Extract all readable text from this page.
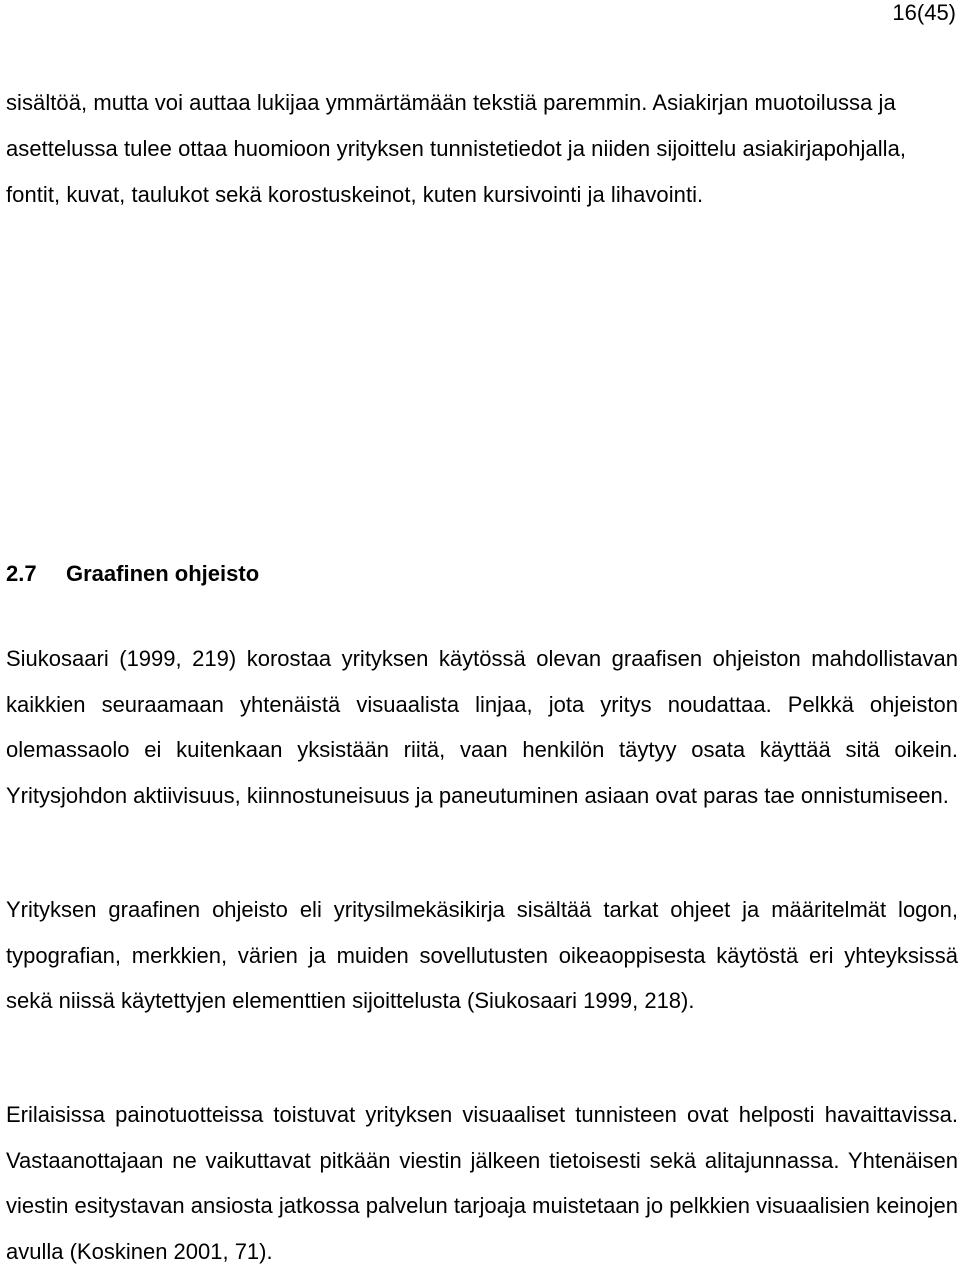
16(45)

sisältöä, mutta voi auttaa lukijaa ymmärtämään tekstiä paremmin. Asiakirjan muotoilussa ja asettelussa tulee ottaa huomioon yrityksen tunnistetiedot ja niiden sijoittelu asiakirjapohjalla, fontit, kuvat, taulukot sekä korostuskeinot, kuten kursivointi ja lihavointi.

2.7 Graafinen ohjeisto

Siukosaari (1999, 219) korostaa yrityksen käytössä olevan graafisen ohjeiston mahdollistavan kaikkien seuraamaan yhtenäistä visuaalista linjaa, jota yritys noudattaa. Pelkkä ohjeiston olemassaolo ei kuitenkaan yksistään riitä, vaan henkilön täytyy osata käyttää sitä oikein. Yritysjohdon aktiivisuus, kiinnostuneisuus ja paneutuminen asiaan ovat paras tae onnistumiseen.

Yrityksen graafinen ohjeisto eli yritysilmekäsikirja sisältää tarkat ohjeet ja määritelmät logon, typografian, merkkien, värien ja muiden sovellutusten oikeaoppisesta käytöstä eri yhteyksissä sekä niissä käytettyjen elementtien sijoittelusta (Siukosaari 1999, 218).

Erilaisissa painotuotteissa toistuvat yrityksen visuaaliset tunnisteen ovat helposti havaittavissa. Vastaanottajaan ne vaikuttavat pitkään viestin jälkeen tietoisesti sekä alitajunnassa. Yhtenäisen viestin esitystavan ansiosta jatkossa palvelun tarjoaja muistetaan jo pelkkien visuaalisien keinojen avulla (Koskinen 2001, 71).
